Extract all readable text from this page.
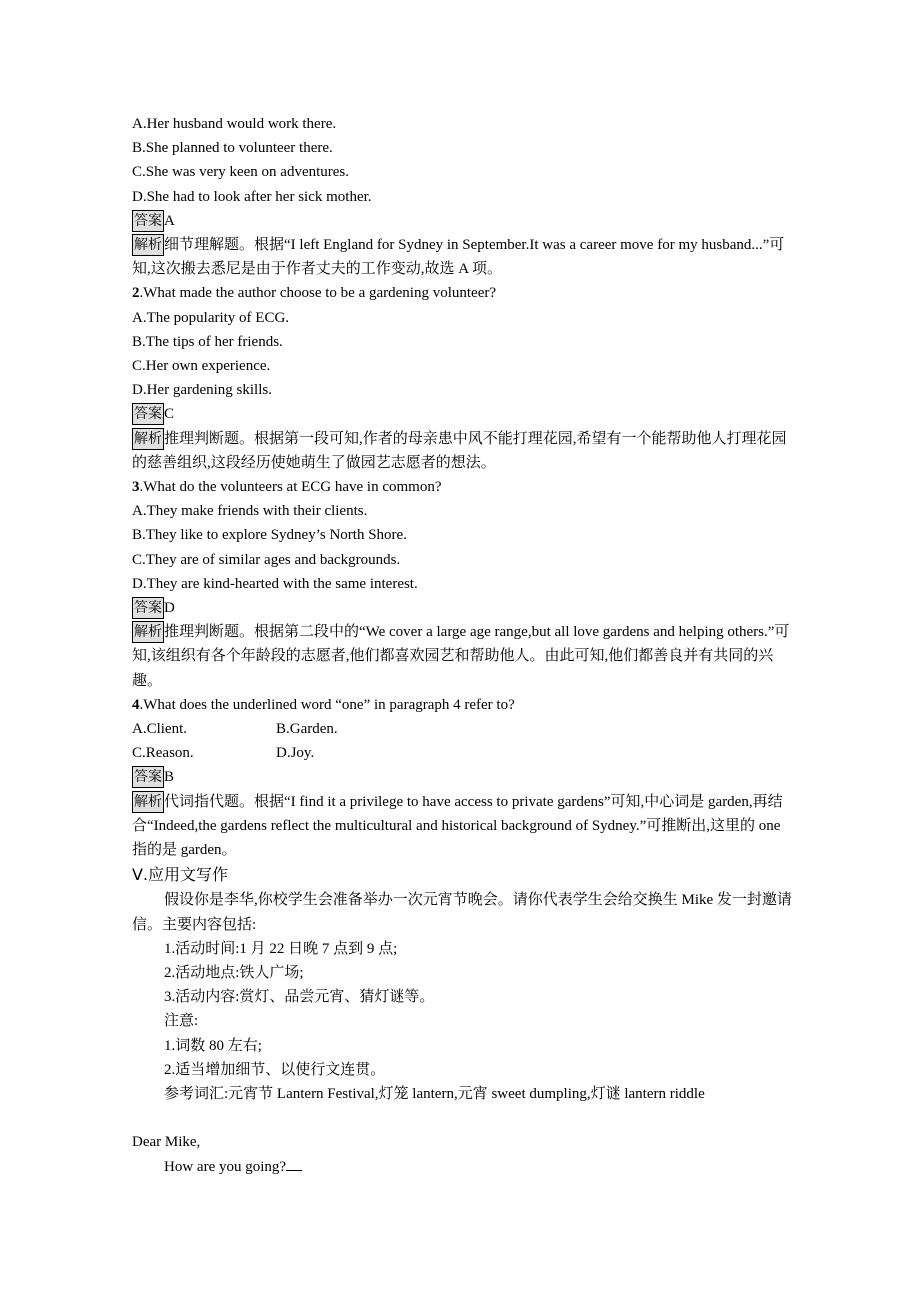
A.Her husband would work there.
B.She planned to volunteer there.
C.She was very keen on adventures.
D.She had to look after her sick mother.
答案 A
解析 细节理解题。根据“I left England for Sydney in September.It was a career move for my husband...”可知,这次搬去悉尼是由于作者丈夫的工作变动,故选 A 项。
2.What made the author choose to be a gardening volunteer?
A.The popularity of ECG.
B.The tips of her friends.
C.Her own experience.
D.Her gardening skills.
答案 C
解析 推理判断题。根据第一段可知,作者的母亲患中风不能打理花园,希望有一个能帮助他人打理花园的慈善组织,这段经历使她萌生了做园艺志愿者的想法。
3.What do the volunteers at ECG have in common?
A.They make friends with their clients.
B.They like to explore Sydney’s North Shore.
C.They are of similar ages and backgrounds.
D.They are kind-hearted with the same interest.
答案 D
解析 推理判断题。根据第二段中的“We cover a large age range,but all love gardens and helping others.”可知,该组织有各个年龄段的志愿者,他们都喜欢园艺和帮助他人。由此可知,他们都善良并有共同的兴趣。
4.What does the underlined word “one” in paragraph 4 refer to?
A.Client.	B.Garden.
C.Reason.	D.Joy.
答案 B
解析 代词指代题。根据“I find it a privilege to have access to private gardens”可知,中心词是 garden,再结合“Indeed,the gardens reflect the multicultural and historical background of Sydney.”可推断出,这里的 one 指的是 garden。
Ⅴ.应用文写作
假设你是李华,你校学生会准备举办一次元宵节晚会。请你代表学生会给交换生 Mike 发一封邀请信。主要内容包括:
1.活动时间:1 月 22 日晚 7 点到 9 点;
2.活动地点:铁人广场;
3.活动内容:赏灯、品尝元宵、猜灯谜等。
注意:
1.词数 80 左右;
2.适当增加细节、以使行文连贯。
参考词汇:元宵节 Lantern Festival,灯笼 lantern,元宵 sweet dumpling,灯谜 lantern riddle
Dear Mike,
How are you going?
